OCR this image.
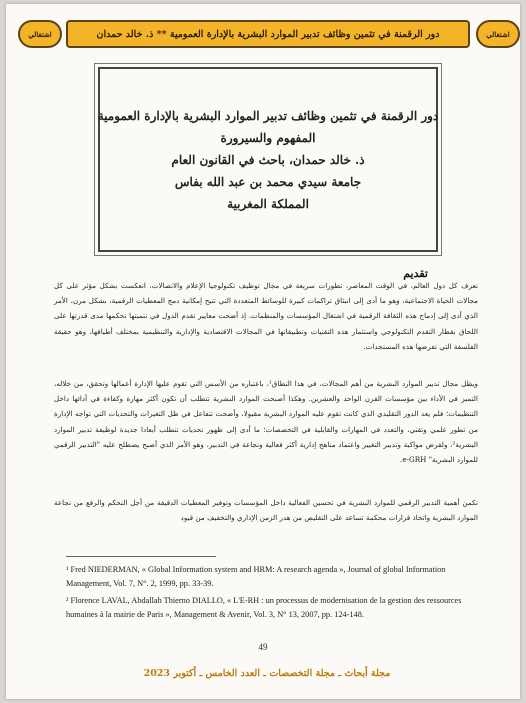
اشتغالي	دور الرقمنة في تثمين وظائف تدبير الموارد البشرية بالإدارة العمومية ** ذ. خالد حمدان	اشتغالي
دور الرقمنة في تثمين وظائف تدبير الموارد البشرية بالإدارة العمومية
المفهوم والسيرورة
ذ. خالد حمدان، باحث في القانون العام
جامعة سيدي محمد بن عبد الله بفاس
المملكة المغربية
تقديم
تعرف كل دول العالم، في الوقت المعاصر، تطورات سريعة في مجال توظيف تكنولوجيا الإعلام والاتصالات، انعكست بشكل مؤثر على كل مجالات الحياة الاجتماعية، وهو ما أدى إلى انبثاق تراكمات كبيرة للوسائط المتعددة التي تتيح إمكانية دمج المعطيات الرقمية، بشكل مرن، الأمر الذي أدى إلى إدماج هذه الثقافة الرقمية في اشتغال المؤسسات والمنظمات. إذ أضحت معايير تقدم الدول في تنميتها تحكمها مدى قدرتها على اللحاق بقطار التقدم التكنولوجي واستثمار هذه التقنيات وتطبيقاتها في المجالات الاقتصادية والإدارية والتنظيمية بمختلف أطيافها، وهو حقيقة الفلسفة التي تفرضها هذه المستجدات.
ويظل مجال تدبير الموارد البشرية من أهم المجالات، في هذا النطاق¹، باعتباره من الأسس التي تقوم عليها الإدارة أعمالها وتحقق، من خلاله، التميز في الأداء بين مؤسسات القرن الواحد والعشرين. وهكذا أصبحت الموارد البشرية تتطلب أن تكون أكثر مهارة وكفاءة في أدائها داخل التنظيمات؛ فلم يعد الدور التقليدي الذي كانت تقوم عليه الموارد البشرية مقبولا، وأضحت تتفاعل في ظل التغيرات والتحديات التي تواجه الإدارة من تطور علمي وتقني، والتعدد في المهارات والقابلية في التخصصات؛ ما أدى إلى ظهور تحديات تتطلب أبعادا جديدة لوظيفة تدبير الموارد البشرية²، ولفرض مواكبة وتدبير التغيير واعتماد مناهج إدارية أكثر فعالية ونجاعة في التدبير، وهو الأمر الذي أصبح يصطلح عليه "التدبير الرقمي للموارد البشرية" e-GRH.
تكمن أهمية التدبير الرقمي للموارد البشرية في تحسين الفعالية داخل المؤسسات وتوفير المعطيات الدقيقة من أجل التحكم والرفع من نجاعة الموارد البشرية واتخاذ قرارات محكمة تساعد على التقليص من هدر الزمن الإداري والتخفيف من قيود
¹ Fred NIEDERMAN, « Global Information system and HRM: A research agenda », Journal of global Information Management, Vol. 7, N°. 2, 1999, pp. 33-39.
² Florence LAVAL, Abdallah Thierno DIALLO, « L'E-RH : un processus de modernisation de la gestion des ressources humaines à la mairie de Paris », Management & Avenir, Vol. 3, N° 13, 2007, pp. 124-148.
49
مجلة أبحاث ـ مجلة التخصصات ـ العدد الخامس ـ أكتوبر 2023
